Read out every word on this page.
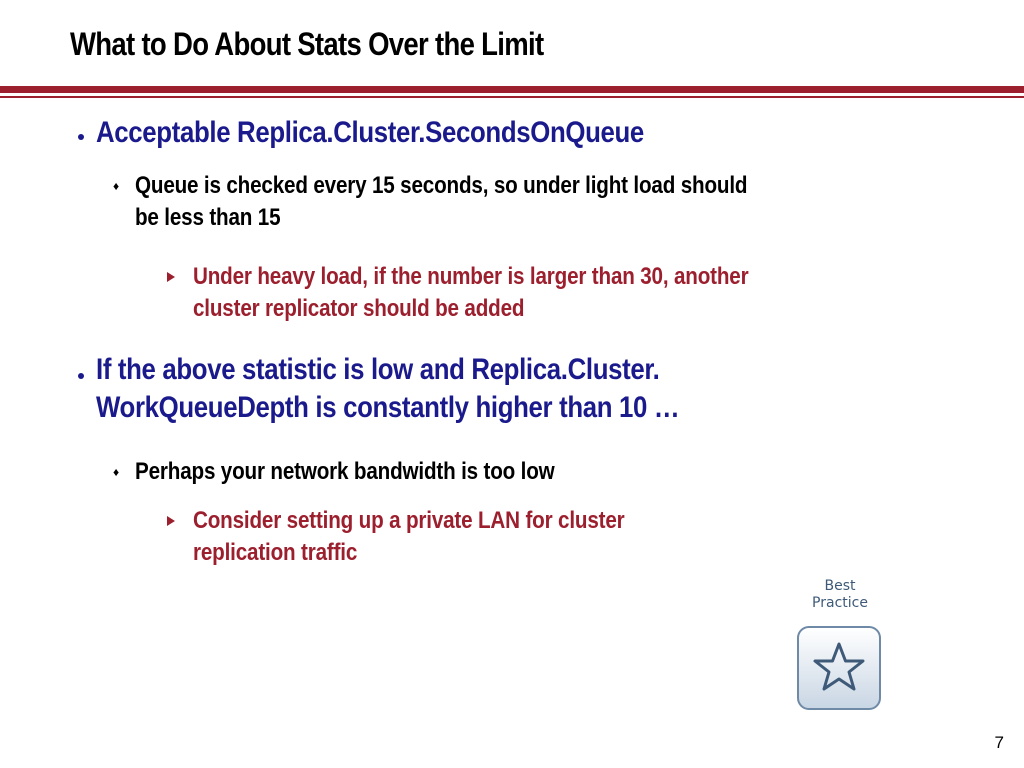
What to Do About Stats Over the Limit
Acceptable Replica.Cluster.SecondsOnQueue
♦ Queue is checked every 15 seconds, so under light load should
be less than 15
Under heavy load, if the number is larger than 30, another
cluster replicator should be added
If the above statistic is low and Replica.Cluster.
WorkQueueDepth is constantly higher than 10 …
♦ Perhaps your network bandwidth is too low
Consider setting up a private LAN for cluster
replication traffic
Best
Practice
7
